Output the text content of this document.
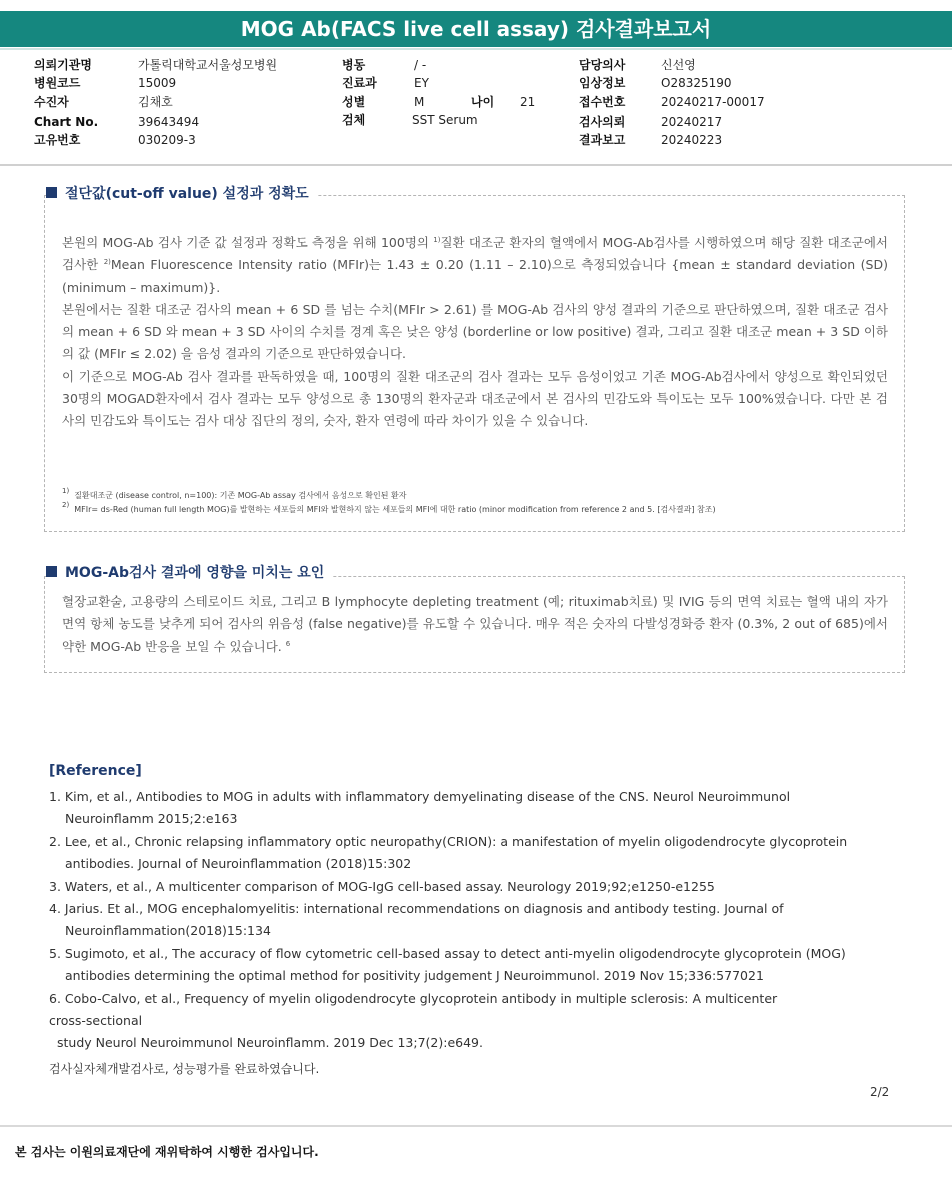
MOG Ab(FACS live cell assay) 검사결과보고서
의뢰기관명	가톨릭대학교서울성모병원	병동	/ -	담당의사	신선영
병원코드	15009	진료과	EY	임상정보	O28325190
수진자	김채호	성별	M	나이 21	접수번호	20240217-00017
Chart No.	39643494	검체	SST Serum	검사의뢰	20240217
고유번호	030209-3	결과보고	20240223
절단값(cut-off value) 설정과 정확도

본원의 MOG-Ab 검사 기준 값 설정과 정확도 측정을 위해 100명의 $^{1)}$질환 대조군 환자의 혈액에서 MOG-Ab검사를 시행하였으며 해당 질환 대조군에서 검사한 $^{2)}$Mean Fluorescence Intensity ratio (MFIr)는 1.43 ± 0.20 (1.11 – 2.10)으로 측정되었습니다 {mean ± standard deviation (SD) (minimum – maximum)}.

본원에서는 질환 대조군 검사의 mean + 6 SD 를 넘는 수치(MFIr > 2.61) 를 MOG-Ab 검사의 양성 결과의 기준으로 판단하였으며, 질환 대조군 검사의 mean + 6 SD 와 mean + 3 SD 사이의 수치를 경계 혹은 낮은 양성 (borderline or low positive) 결과, 그리고 질환 대조군 mean + 3 SD 이하의 값 (MFIr ≤ 2.02) 을 음성 결과의 기준으로 판단하였습니다.

이 기준으로 MOG-Ab 검사 결과를 판독하였을 때, 100명의 질환 대조군의 검사 결과는 모두 음성이었고 기존 MOG-Ab검사에서 양성으로 확인되었던 30명의 MOGAD환자에서 검사 결과는 모두 양성으로 총 130명의 환자군과 대조군에서 본 검사의 민감도와 특이도는 모두 100%였습니다. 다만 본 검사의 민감도와 특이도는 검사 대상 집단의 정의, 숫자, 환자 연령에 따라 차이가 있을 수 있습니다.

$^{1)}$ 질환대조군 (disease control, n=100): 기존 MOG-Ab assay 검사에서 음성으로 확인된 환자
$^{2)}$ MFIr= ds-Red (human full length MOG)를 발현하는 세포들의 MFI와 발현하지 않는 세포들의 MFI에 대한 ratio (minor modification from reference 2 and 5. [검사결과] 참조)
MOG-Ab검사 결과에 영향을 미치는 요인

혈장교환술, 고용량의 스테로이드 치료, 그리고 B lymphocyte depleting treatment (예; rituximab치료) 및 IVIG 등의 면역 치료는 혈액 내의 자가면역 항체 농도를 낮추게 되어 검사의 위음성 (false negative)를 유도할 수 있습니다. 매우 적은 숫자의 다발성경화증 환자 (0.3%, 2 out of 685)에서 약한 MOG-Ab 반응을 보일 수 있습니다. $^6$

[Reference]
1. Kim, et al., Antibodies to MOG in adults with inflammatory demyelinating disease of the CNS. Neurol Neuroimmunol
Neuroinflamm 2015;2:e163
2. Lee, et al., Chronic relapsing inflammatory optic neuropathy(CRION): a manifestation of myelin oligodendrocyte glycoprotein
antibodies. Journal of Neuroinflammation (2018)15:302
3. Waters, et al., A multicenter comparison of MOG-IgG cell-based assay. Neurology 2019;92;e1250-e1255
4. Jarius. Et al., MOG encephalomyelitis: international recommendations on diagnosis and antibody testing. Journal of
Neuroinflammation(2018)15:134
5. Sugimoto, et al., The accuracy of flow cytometric cell-based assay to detect anti-myelin oligodendrocyte glycoprotein (MOG)
antibodies determining the optimal method for positivity judgement J Neuroimmunol. 2019 Nov 15;336:577021
6. Cobo-Calvo, et al., Frequency of myelin oligodendrocyte glycoprotein antibody in multiple sclerosis: A multicenter
cross-sectional
study Neurol Neuroimmunol Neuroinflamm. 2019 Dec 13;7(2):e649.
검사실자체개발검사로, 성능평가를 완료하였습니다.
2/2
본 검사는 이원의료재단에 재위탁하여 시행한 검사입니다.
